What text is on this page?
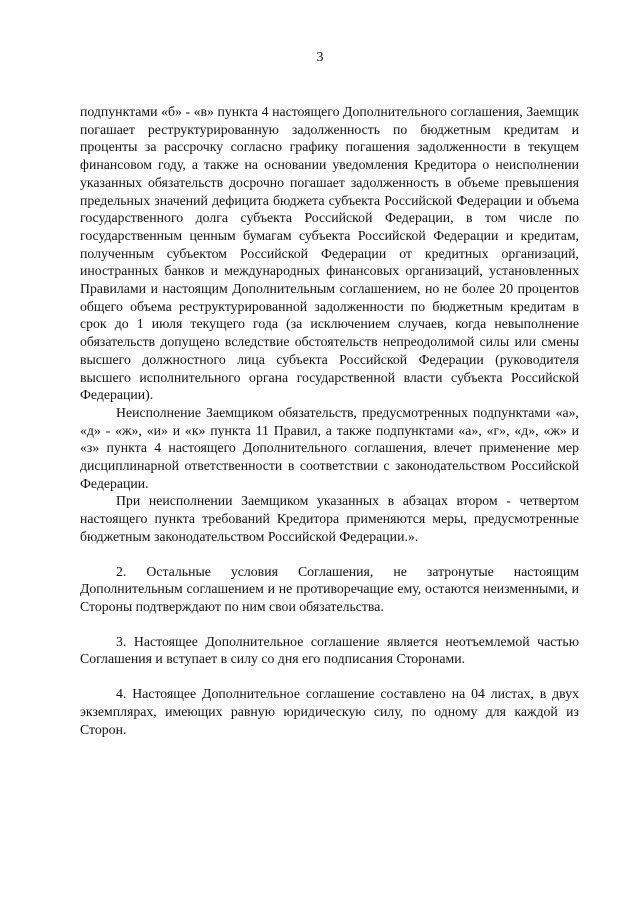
3

подпунктами «б» - «в» пункта 4 настоящего Дополнительного соглашения, Заемщик погашает реструктурированную задолженность по бюджетным кредитам и проценты за рассрочку согласно графику погашения задолженности в текущем финансовом году, а также на основании уведомления Кредитора о неисполнении указанных обязательств досрочно погашает задолженность в объеме превышения предельных значений дефицита бюджета субъекта Российской Федерации и объема государственного долга субъекта Российской Федерации, в том числе по государственным ценным бумагам субъекта Российской Федерации и кредитам, полученным субъектом Российской Федерации от кредитных организаций, иностранных банков и международных финансовых организаций, установленных Правилами и настоящим Дополнительным соглашением, но не более 20 процентов общего объема реструктурированной задолженности по бюджетным кредитам в срок до 1 июля текущего года (за исключением случаев, когда невыполнение обязательств допущено вследствие обстоятельств непреодолимой силы или смены высшего должностного лица субъекта Российской Федерации (руководителя высшего исполнительного органа государственной власти субъекта Российской Федерации).

Неисполнение Заемщиком обязательств, предусмотренных подпунктами «а», «д» - «ж», «и» и «к» пункта 11 Правил, а также подпунктами «а», «г», «д», «ж» и «з» пункта 4 настоящего Дополнительного соглашения, влечет применение мер дисциплинарной ответственности в соответствии с законодательством Российской Федерации.

При неисполнении Заемщиком указанных в абзацах втором - четвертом настоящего пункта требований Кредитора применяются меры, предусмотренные бюджетным законодательством Российской Федерации.».

2. Остальные условия Соглашения, не затронутые настоящим Дополнительным соглашением и не противоречащие ему, остаются неизменными, и Стороны подтверждают по ним свои обязательства.

3. Настоящее Дополнительное соглашение является неотъемлемой частью Соглашения и вступает в силу со дня его подписания Сторонами.

4. Настоящее Дополнительное соглашение составлено на 04 листах, в двух экземплярах, имеющих равную юридическую силу, по одному для каждой из Сторон.
